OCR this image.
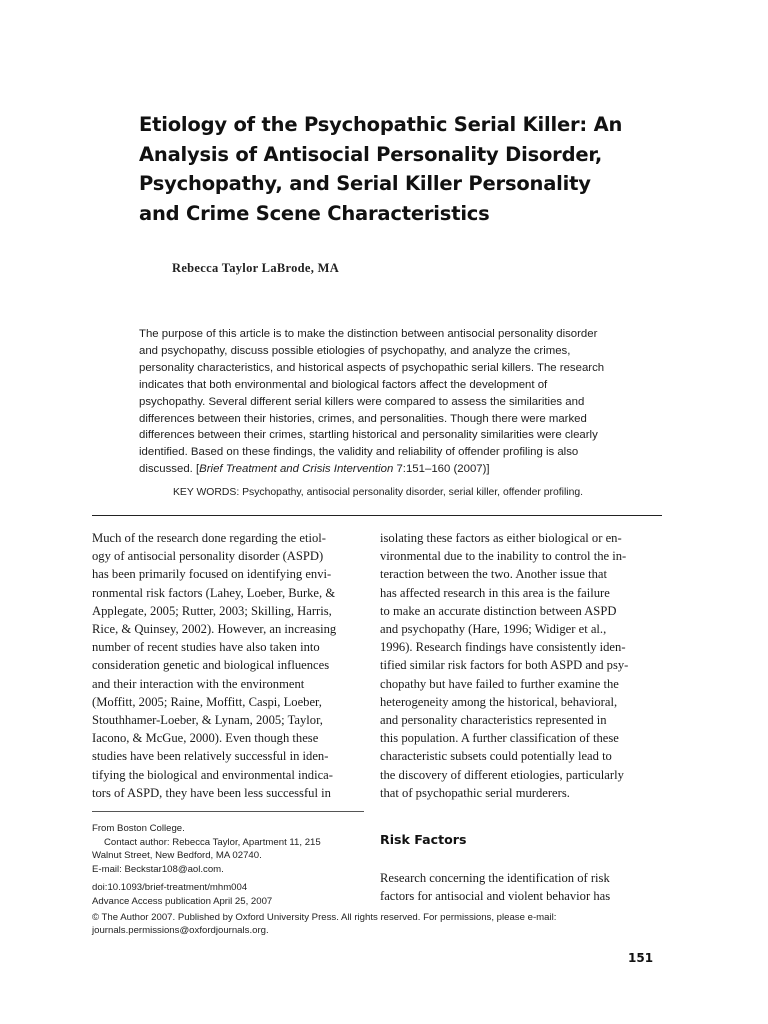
Etiology of the Psychopathic Serial Killer: An
Analysis of Antisocial Personality Disorder,
Psychopathy, and Serial Killer Personality
and Crime Scene Characteristics
Rebecca Taylor LaBrode, MA

The purpose of this article is to make the distinction between antisocial personality disorder
and psychopathy, discuss possible etiologies of psychopathy, and analyze the crimes,
personality characteristics, and historical aspects of psychopathic serial killers. The research
indicates that both environmental and biological factors affect the development of
psychopathy. Several different serial killers were compared to assess the similarities and
differences between their histories, crimes, and personalities. Though there were marked
differences between their crimes, startling historical and personality similarities were clearly
identified. Based on these findings, the validity and reliability of offender profiling is also
discussed. [Brief Treatment and Crisis Intervention 7:151–160 (2007)]

KEY WORDS: Psychopathy, antisocial personality disorder, serial killer, offender profiling.
Much of the research done regarding the etiol-
ogy of antisocial personality disorder (ASPD)
has been primarily focused on identifying envi-
ronmental risk factors (Lahey, Loeber, Burke, &
Applegate, 2005; Rutter, 2003; Skilling, Harris,
Rice, & Quinsey, 2002). However, an increasing
number of recent studies have also taken into
consideration genetic and biological influences
and their interaction with the environment
(Moffitt, 2005; Raine, Moffitt, Caspi, Loeber,
Stouthhamer-Loeber, & Lynam, 2005; Taylor,
Iacono, & McGue, 2000). Even though these
studies have been relatively successful in iden-
tifying the biological and environmental indica-
tors of ASPD, they have been less successful in
isolating these factors as either biological or en-
vironmental due to the inability to control the in-
teraction between the two. Another issue that
has affected research in this area is the failure
to make an accurate distinction between ASPD
and psychopathy (Hare, 1996; Widiger et al.,
1996). Research findings have consistently iden-
tified similar risk factors for both ASPD and psy-
chopathy but have failed to further examine the
heterogeneity among the historical, behavioral,
and personality characteristics represented in
this population. A further classification of these
characteristic subsets could potentially lead to
the discovery of different etiologies, particularly
that of psychopathic serial murderers.
Risk Factors
Research concerning the identification of risk
factors for antisocial and violent behavior has
From Boston College.
Contact author: Rebecca Taylor, Apartment 11, 215
Walnut Street, New Bedford, MA 02740.
E-mail: Beckstar108@aol.com.
doi:10.1093/brief-treatment/mhm004
Advance Access publication April 25, 2007
© The Author 2007. Published by Oxford University Press. All rights reserved. For permissions, please e-mail:
journals.permissions@oxfordjournals.org.
151
